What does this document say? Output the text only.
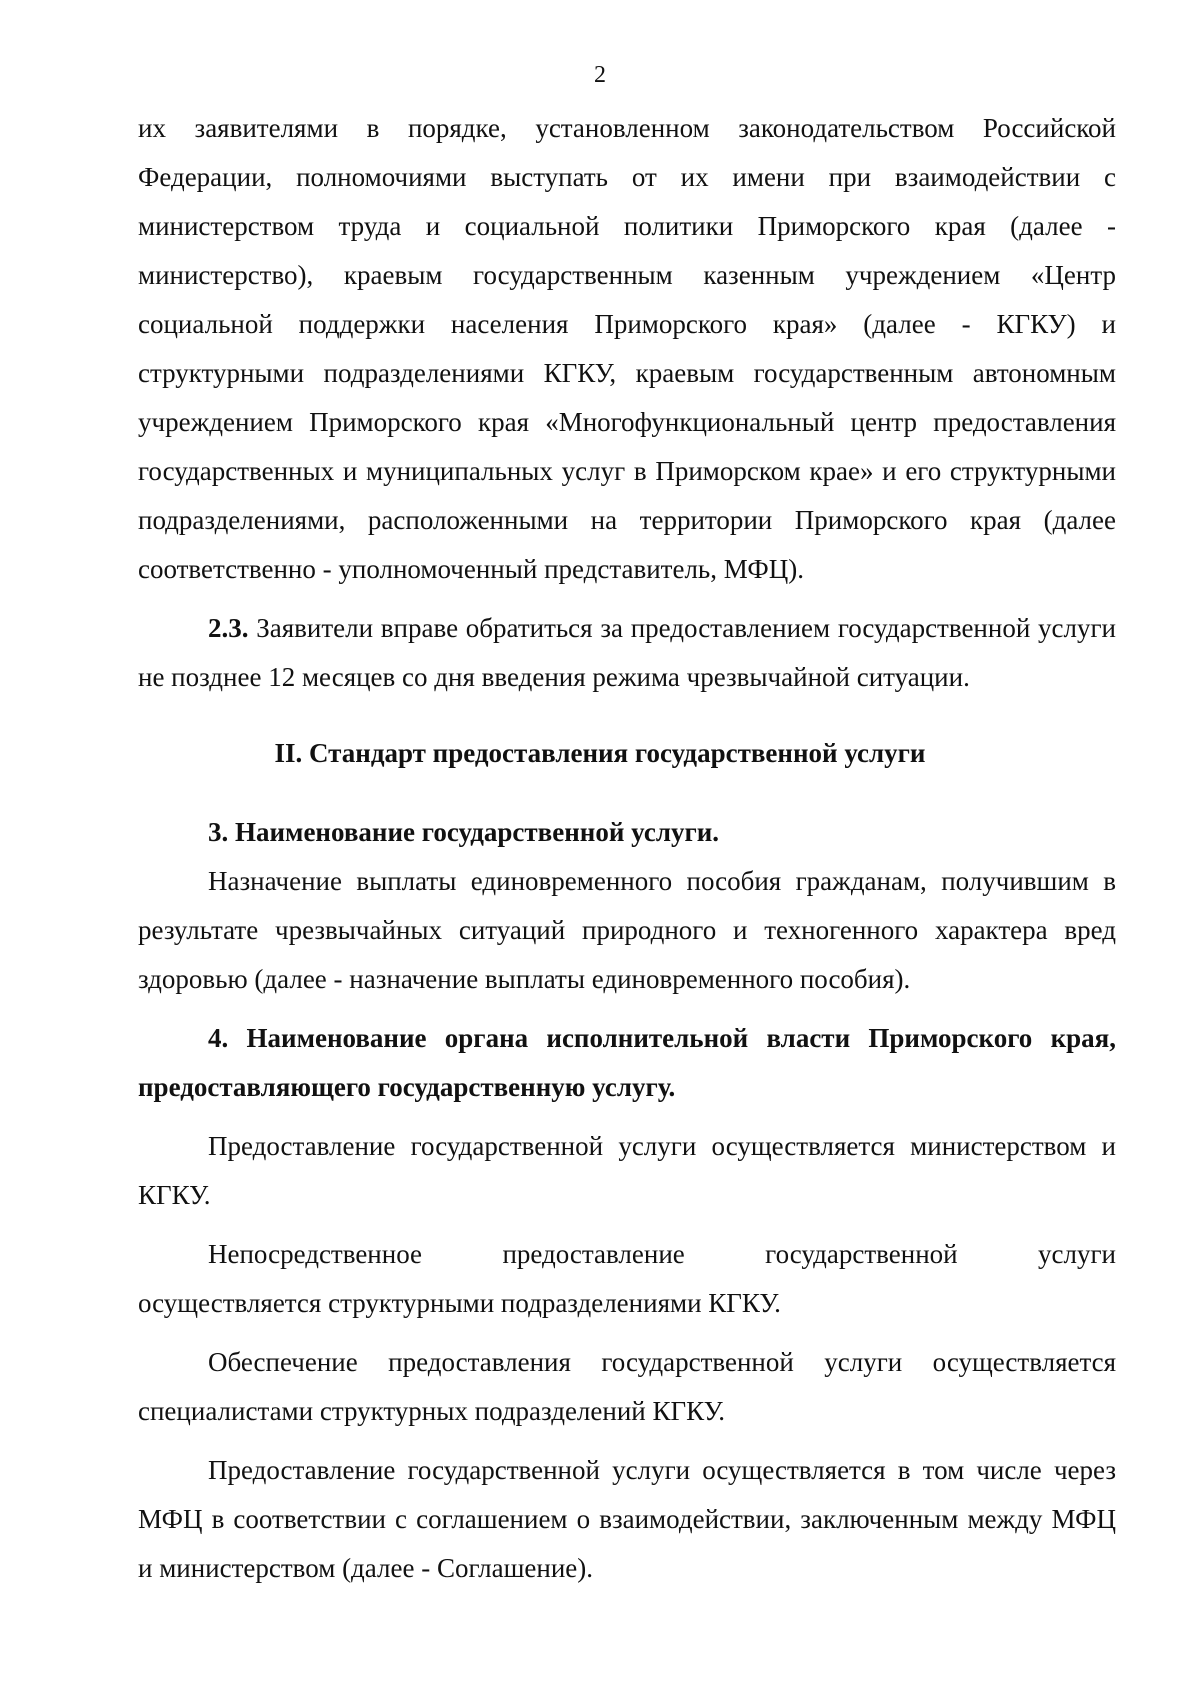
2

их заявителями в порядке, установленном законодательством Российской Федерации, полномочиями выступать от их имени при взаимодействии с министерством труда и социальной политики Приморского края (далее - министерство), краевым государственным казенным учреждением «Центр социальной поддержки населения Приморского края» (далее - КГКУ) и структурными подразделениями КГКУ, краевым государственным автономным учреждением Приморского края «Многофункциональный центр предоставления государственных и муниципальных услуг в Приморском крае» и его структурными подразделениями, расположенными на территории Приморского края (далее соответственно - уполномоченный представитель, МФЦ).

2.3. Заявители вправе обратиться за предоставлением государственной услуги не позднее 12 месяцев со дня введения режима чрезвычайной ситуации.

II. Стандарт предоставления государственной услуги

3. Наименование государственной услуги.

Назначение выплаты единовременного пособия гражданам, получившим в результате чрезвычайных ситуаций природного и техногенного характера вред здоровью (далее - назначение выплаты единовременного пособия).

4. Наименование органа исполнительной власти Приморского края, предоставляющего государственную услугу.

Предоставление государственной услуги осуществляется министерством и КГКУ.

Непосредственное	предоставление	государственной	услуги
осуществляется структурными подразделениями КГКУ.

Обеспечение предоставления государственной услуги осуществляется специалистами структурных подразделений КГКУ.

Предоставление государственной услуги осуществляется в том числе через МФЦ в соответствии с соглашением о взаимодействии, заключенным между МФЦ и министерством (далее - Соглашение).
